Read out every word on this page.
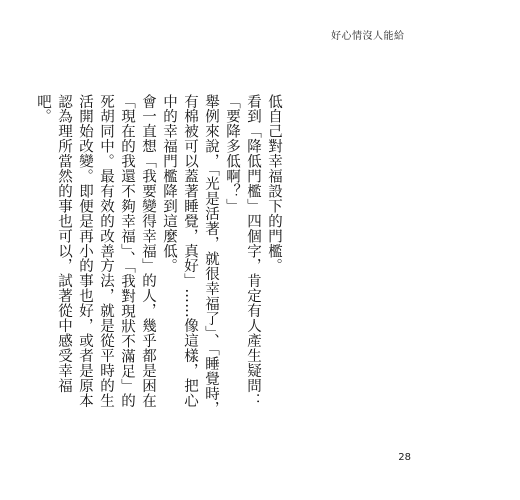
好心情沒人能給

低自己對幸福設下的門檻。

看到「降低門檻」四個字，肯定有人產生疑問：「要降多低啊？」

舉例來說，「光是活著，就很幸福了」、「睡覺時，有棉被可以蓋著睡覺，真好」……像這樣，把心中的幸福門檻降到這麼低。

會一直想「我要變得幸福」的人，幾乎都是困在「現在的我還不夠幸福」、「我對現狀不滿足」的死胡同中。最有效的改善方法，就是從平時的生活開始改變。即便是再小的事也好，或者是原本認為理所當然的事也可以，試著從中感受幸福吧。

28
